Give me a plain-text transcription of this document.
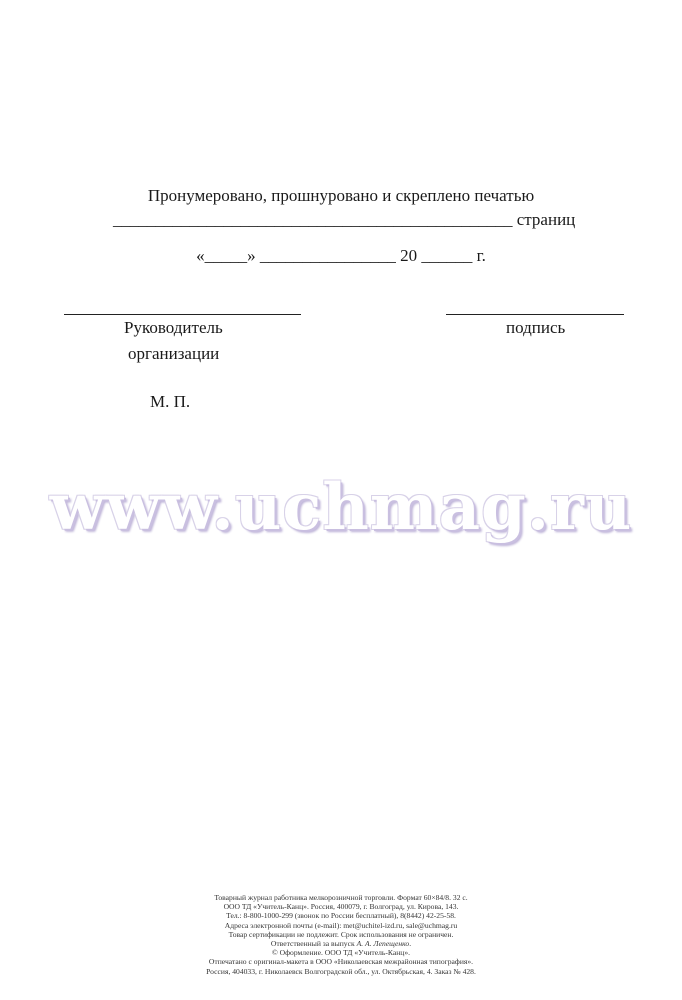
Пронумеровано, прошнуровано и скреплено печатью
_______________________________________________ страниц
«_____» ________________ 20 ______ г.
Руководитель
организации
подпись
М. П.
www.uchmag.ru
Товарный журнал работника мелкорозничной торговли. Формат 60×84/8. 32 с.
ООО ТД «Учитель-Канц». Россия, 400079, г. Волгоград, ул. Кирова, 143.
Тел.: 8-800-1000-299 (звонок по России бесплатный), 8(8442) 42-25-58.
Адреса электронной почты (e-mail): met@uchitel-izd.ru, sale@uchmag.ru
Товар сертификации не подлежит. Срок использования не ограничен.
Ответственный за выпуск А. А. Лепещенко.
© Оформление. ООО ТД «Учитель-Канц».
Отпечатано с оригинал-макета в ООО «Николаевская межрайонная типография».
Россия, 404033, г. Николаевск Волгоградской обл., ул. Октябрьская, 4. Заказ № 428.
